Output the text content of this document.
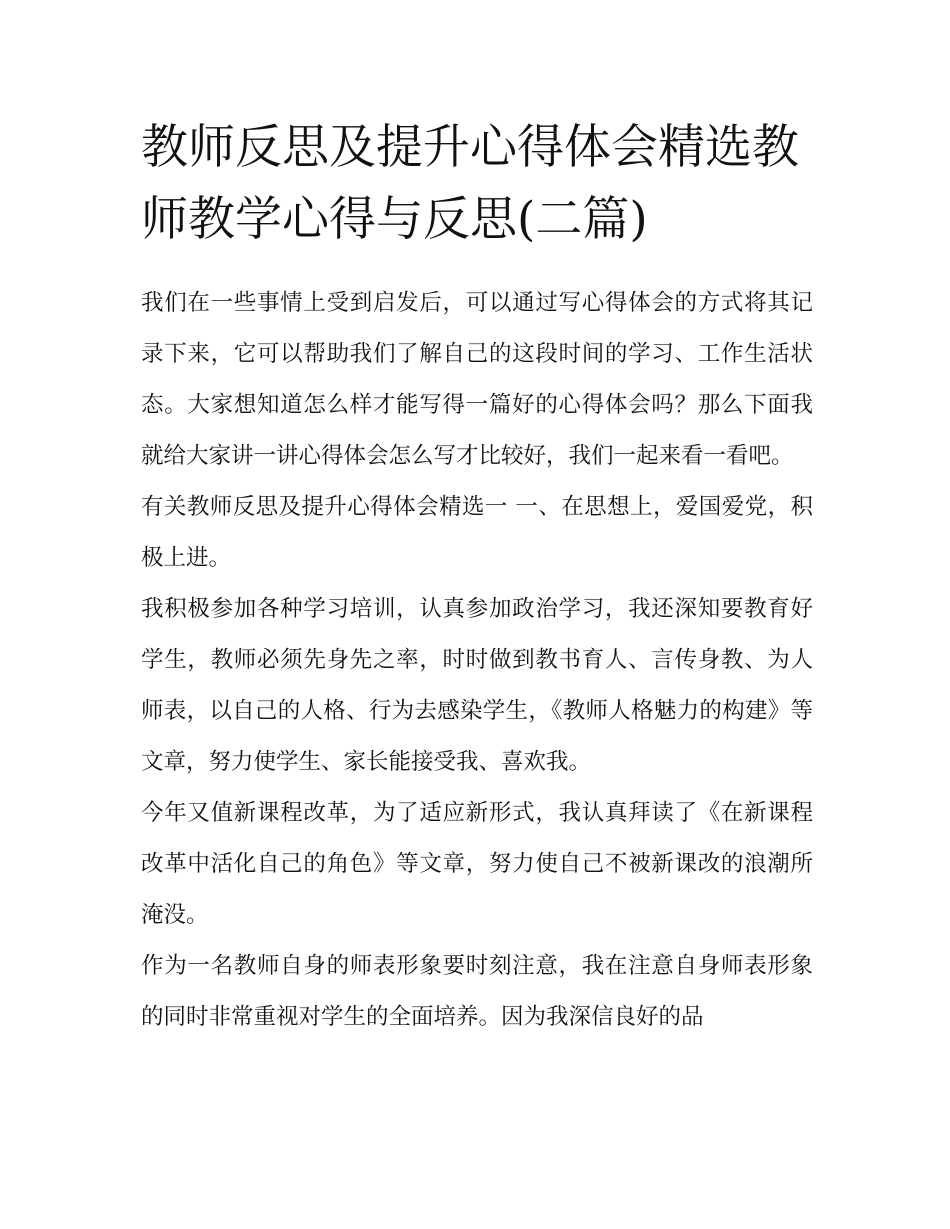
教师反思及提升心得体会精选教师教学心得与反思(二篇)

我们在一些事情上受到启发后，可以通过写心得体会的方式将其记录下来，它可以帮助我们了解自己的这段时间的学习、工作生活状态。大家想知道怎么样才能写得一篇好的心得体会吗？那么下面我就给大家讲一讲心得体会怎么写才比较好，我们一起来看一看吧。

有关教师反思及提升心得体会精选一 一、在思想上，爱国爱党，积极上进。

我积极参加各种学习培训，认真参加政治学习，我还深知要教育好学生，教师必须先身先之率，时时做到教书育人、言传身教、为人师表，以自己的人格、行为去感染学生，《教师人格魅力的构建》等文章，努力使学生、家长能接受我、喜欢我。

今年又值新课程改革，为了适应新形式，我认真拜读了《在新课程改革中活化自己的角色》等文章，努力使自己不被新课改的浪潮所淹没。

作为一名教师自身的师表形象要时刻注意，我在注意自身师表形象的同时非常重视对学生的全面培养。因为我深信良好的品
